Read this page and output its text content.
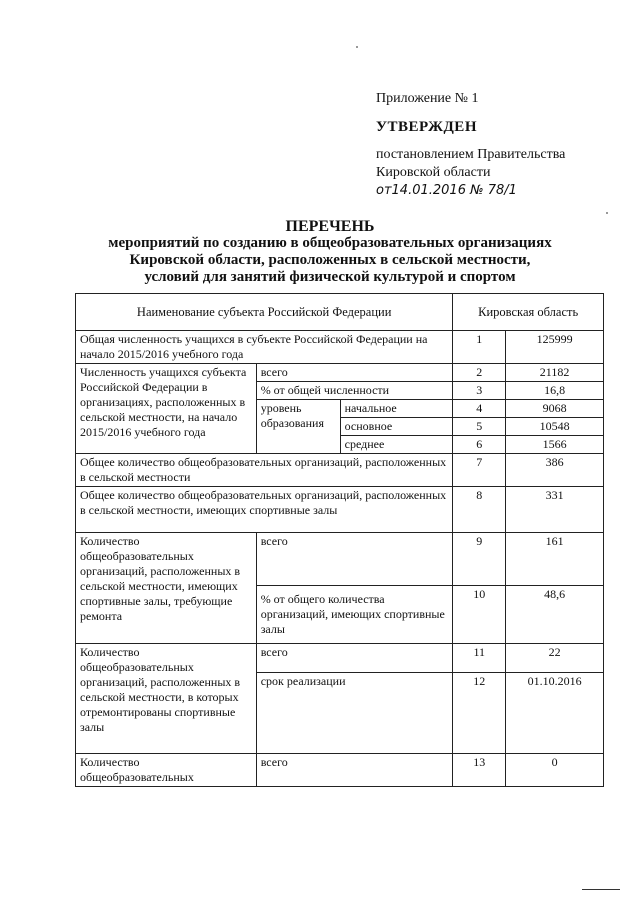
Приложение № 1
УТВЕРЖДЕН
постановлением Правительства Кировской области
от14.01.2016 № 78/1
ПЕРЕЧЕНЬ
мероприятий по созданию в общеобразовательных организациях
Кировской области, расположенных в сельской местности,
условий для занятий физической культурой и спортом
Наименование субъекта Российской Федерации			Кировская область	
Общая численность учащихся в субъекте Российской Федерации на начало 2015/2016 учебного года			1	125999
Численность учащихся субъекта Российской Федерации в организациях, расположенных в сельской местности, на начало 2015/2016 учебного года	всего		2	21182
	% от общей численности		3	16,8
	уровень образования	начальное	4	9068
		основное	5	10548
		среднее	6	1566
Общее количество общеобразовательных организаций, расположенных в сельской местности			7	386
Общее количество общеобразовательных организаций, расположенных в сельской местности, имеющих спортивные залы			8	331
Количество общеобразовательных организаций, расположенных в сельской местности, имеющих спортивные залы, требующие ремонта	всего		9	161
	% от общего количества организаций, имеющих спортивные залы		10	48,6
Количество общеобразовательных организаций, расположенных в сельской местности, в которых отремонтированы спортивные залы	всего		11	22
	срок реализации		12	01.10.2016
Количество общеобразовательных	всего		13	0
